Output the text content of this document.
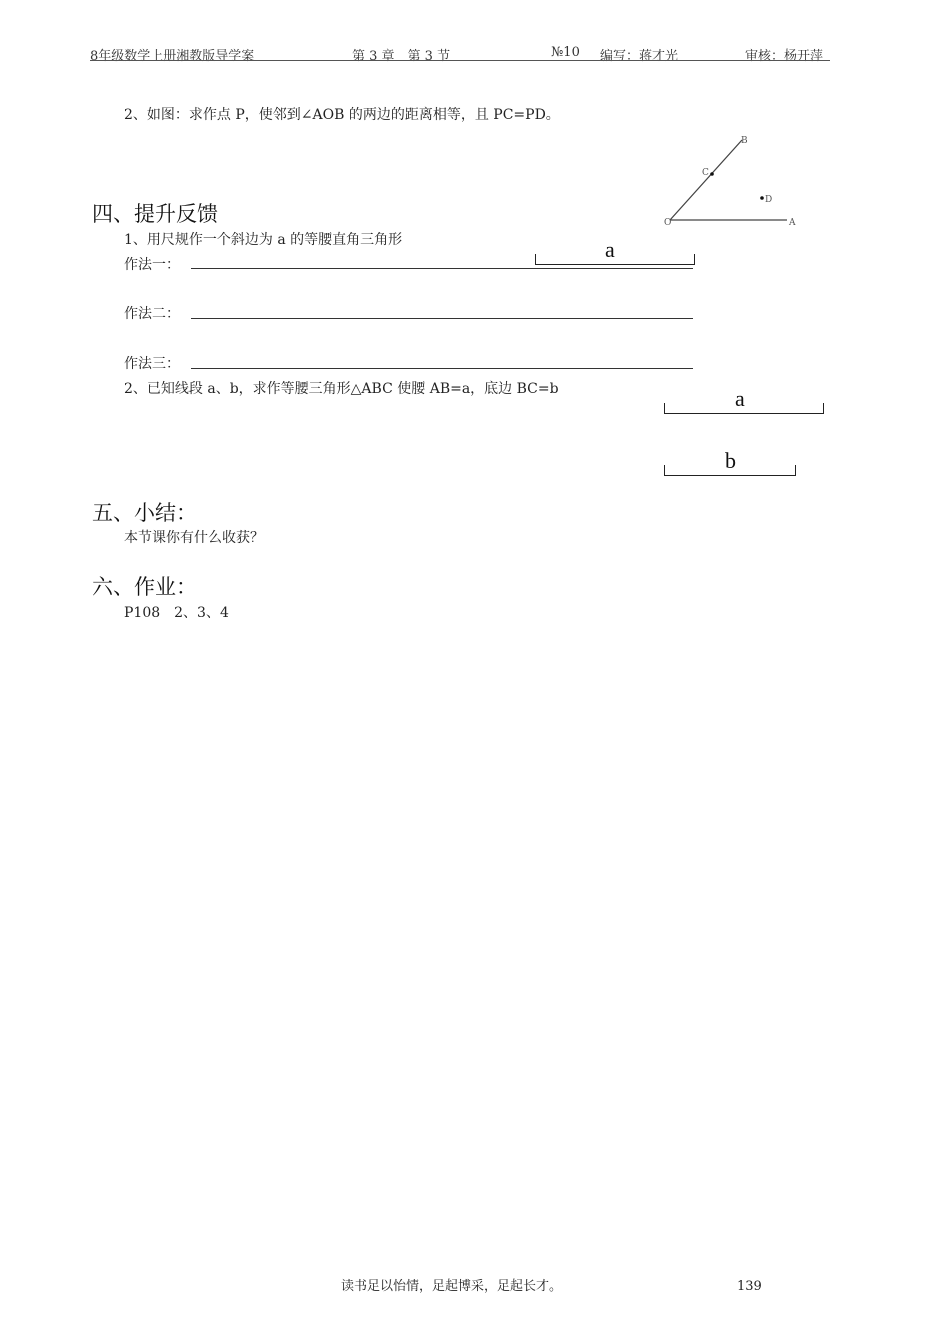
8年级数学上册湘教版导学案	第 3 章　第 3 节	№10 编写：蒋才光	审核：杨开萍
2、如图：求作点 P，使邻到∠AOB 的两边的距离相等，且 PC=PD。
B
C
D
O	A
四、提升反馈
1、用尺规作一个斜边为 a 的等腰直角三角形	a
作法一：
作法二：
作法三：
2、已知线段 a、b，求作等腰三角形△ABC 使腰 AB=a，底边 BC=b	a
b
五、小结：
本节课你有什么收获？
六、作业：
P108　2、3、4
读书足以怡情，足起博采，足起长才。	139
